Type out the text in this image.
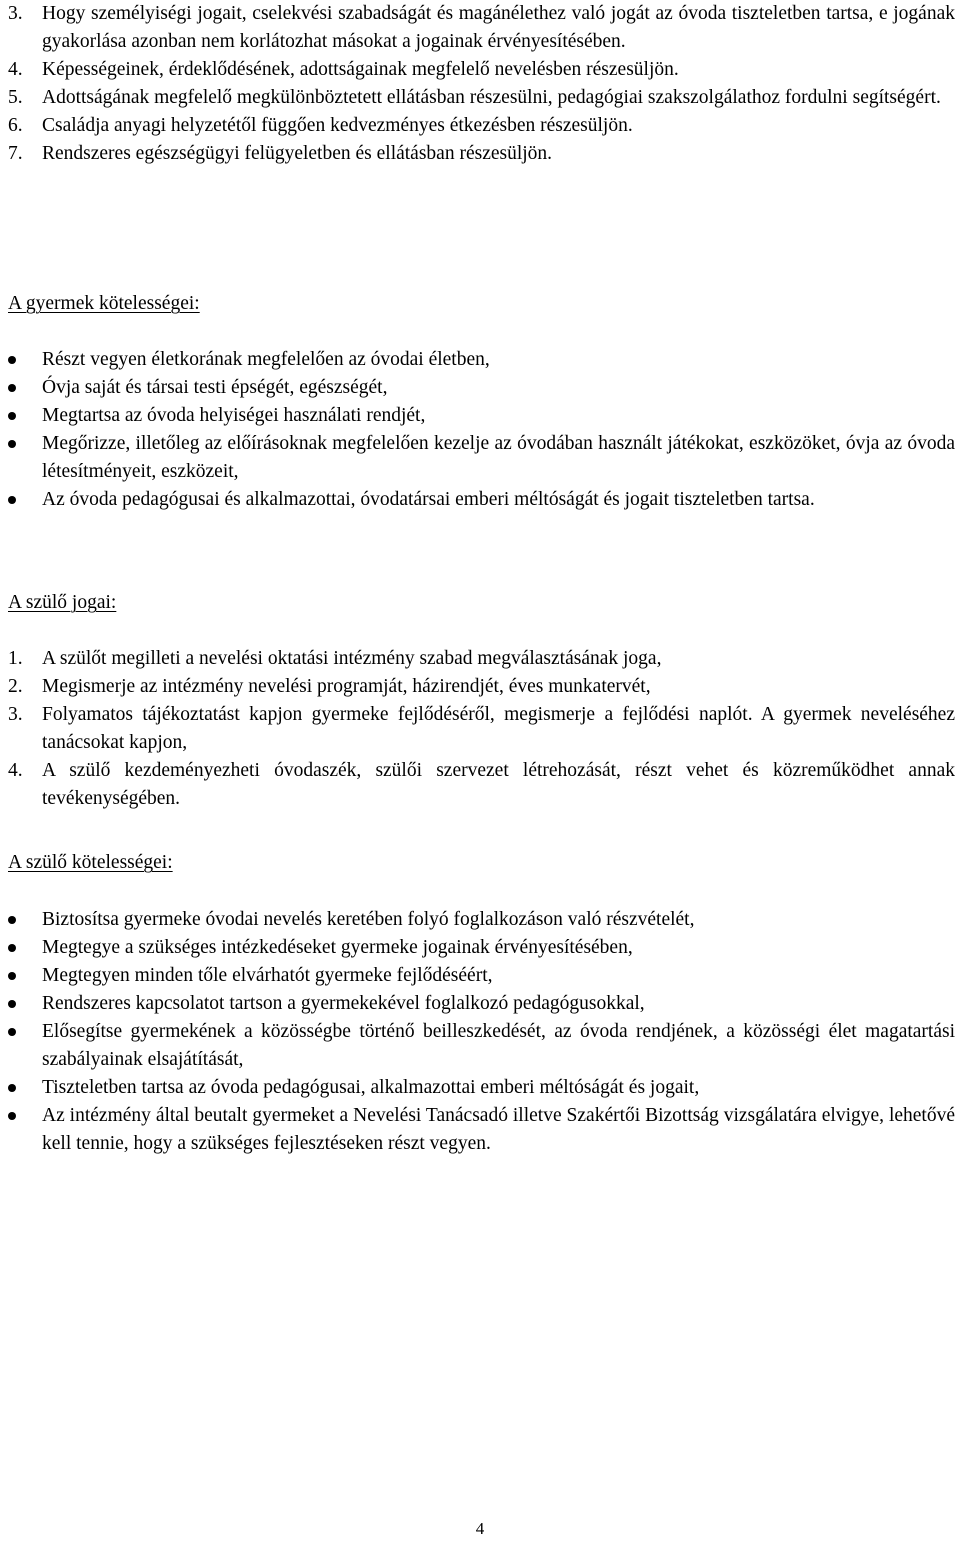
3. Hogy személyiségi jogait, cselekvési szabadságát és magánélethez való jogát az óvoda tiszteletben tartsa, e jogának gyakorlása azonban nem korlátozhat másokat a jogainak érvényesítésében.
4. Képességeinek, érdeklődésének, adottságainak megfelelő nevelésben részesüljön.
5. Adottságának megfelelő megkülönböztetett ellátásban részesülni, pedagógiai szakszolgálathoz fordulni segítségért.
6. Családja anyagi helyzetétől függően kedvezményes étkezésben részesüljön.
7. Rendszeres egészségügyi felügyeletben és ellátásban részesüljön.
A gyermek kötelességei:
Részt vegyen életkorának megfelelően az óvodai életben,
Óvja saját és társai testi épségét, egészségét,
Megtartsa az óvoda helyiségei használati rendjét,
Megőrizze, illetőleg az előírásoknak megfelelően kezelje az óvodában használt játékokat, eszközöket, óvja az óvoda létesítményeit, eszközeit,
Az óvoda pedagógusai és alkalmazottai, óvodatársai emberi méltóságát és jogait tiszteletben tartsa.
A szülő jogai:
1. A szülőt megilleti a nevelési oktatási intézmény szabad megválasztásának joga,
2. Megismerje az intézmény nevelési programját, házirendjét, éves munkatervét,
3. Folyamatos tájékoztatást kapjon gyermeke fejlődéséről, megismerje a fejlődési naplót. A gyermek neveléséhez tanácsokat kapjon,
4. A szülő kezdeményezheti óvodaszék, szülői szervezet létrehozását, részt vehet és közreműködhet annak tevékenységében.
A szülő kötelességei:
Biztosítsa gyermeke óvodai nevelés keretében folyó foglalkozáson való részvételét,
Megtegye a szükséges intézkedéseket gyermeke jogainak érvényesítésében,
Megtegyen minden tőle elvárhatót gyermeke fejlődéséért,
Rendszeres kapcsolatot tartson a gyermekekével foglalkozó pedagógusokkal,
Elősegítse gyermekének a közösségbe történő beilleszkedését, az óvoda rendjének, a közösségi élet magatartási szabályainak elsajátítását,
Tiszteletben tartsa az óvoda pedagógusai, alkalmazottai emberi méltóságát és jogait,
Az intézmény által beutalt gyermeket a Nevelési Tanácsadó illetve Szakértői Bizottság vizsgálatára elvigye, lehetővé kell tennie, hogy a szükséges fejlesztéseken részt vegyen.
4
